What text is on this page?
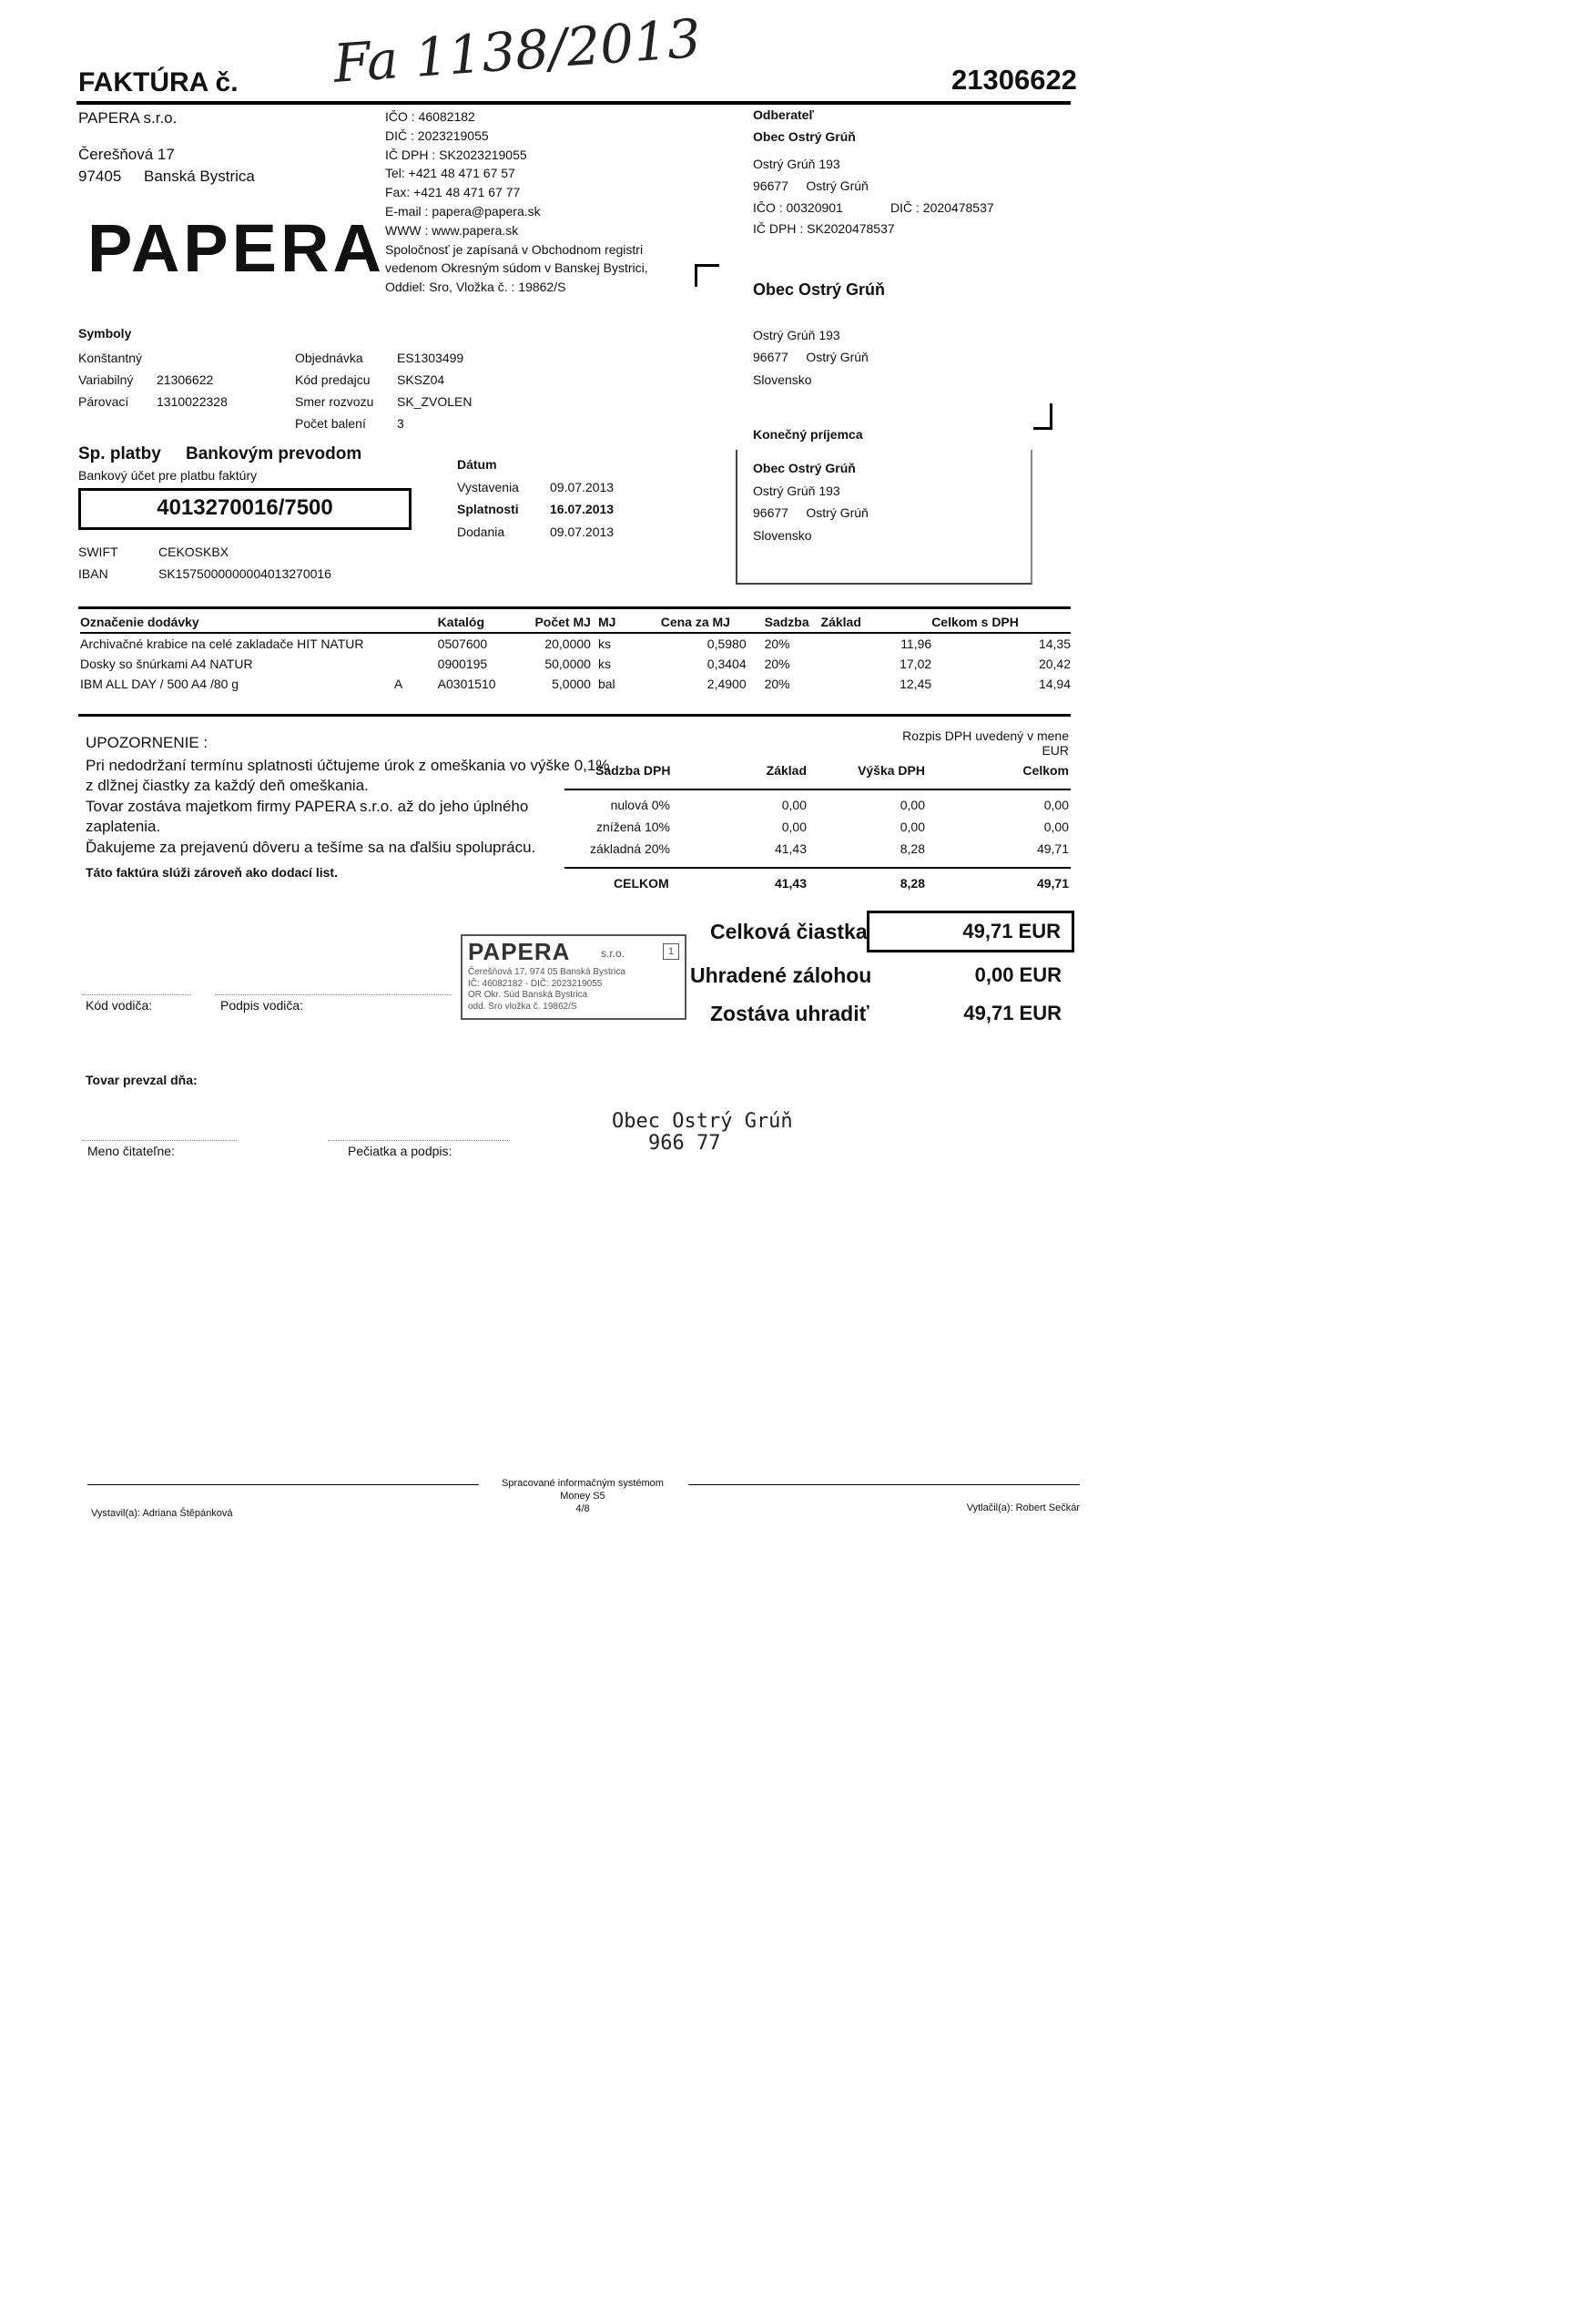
FAKTÚRA č. Fa 1138/2013	21306622
PAPERA s.r.o.
Čerešňová 17
97405 Banská Bystrica
PAPERA
IČO : 46082182
DIČ : 2023219055
IČ DPH : SK2023219055
Tel: +421 48 471 67 57
Fax: +421 48 471 67 77
E-mail : papera@papera.sk
WWW : www.papera.sk
Spoločnosť je zapísaná v Obchodnom registri
vedenom Okresným súdom v Banskej Bystrici,
Oddiel: Sro, Vložka č. : 19862/S
Odberateľ
Obec Ostrý Grúň
Ostrý Grúň 193
96677     Ostrý Grúň
IČO : 00320901	DIČ : 2020478537
IČ DPH : SK2020478537
Obec Ostrý Grúň
Ostrý Grúň 193
96677     Ostrý Grúň
Slovensko
Konečný príjemca
Obec Ostrý Grúň
Ostrý Grúň 193
96677     Ostrý Grúň
Slovensko
Symboly
Konštantný
Variabilný 21306622
Párovací 1310022328
Objednávka	ES1303499
Kód predajcu SKSZ04
Smer rozvozu SK_ZVOLEN
Počet balení 3
Sp. platby Bankovým prevodom
Bankový účet pre platbu faktúry
4013270016/7500
SWIFT	CEKOSKBX
IBAN	SK1575000000004013270016
Dátum
Vystavenia 09.07.2013
Splatnosti 16.07.2013
Dodania	09.07.2013
Označenie dodávky		Katalóg	Počet MJ	MJ	Cena za MJ	Sadzba	Základ	Celkom s DPH
Archivačné krabice na celé zakladače HIT NATUR		0507600	20,0000	ks	0,5980	20%	11,96	14,35
Dosky so šnúrkami A4 NATUR		0900195	50,0000	ks	0,3404	20%	17,02	20,42
IBM ALL DAY / 500 A4 /80 g	A	A0301510	5,0000	bal	2,4900	20%	12,45	14,94
UPOZORNENIE :
Pri nedodržaní termínu splatnosti účtujeme úrok z omeškania vo výške 0,1%
z dlžnej čiastky za každý deň omeškania.
Tovar zostáva majetkom firmy PAPERA s.r.o. až do jeho úplného
zaplatenia.
Ďakujeme za prejavenú dôveru a tešíme sa na ďalšiu spoluprácu.
Táto faktúra slúži zároveň ako dodací list.
Rozpis DPH uvedený v mene EUR
Sadzba DPH	Základ	Výška DPH	Celkom
nulová 0%	0,00	0,00	0,00
znížená 10%	0,00	0,00	0,00
základná 20%	41,43	8,28	49,71
CELKOM	41,43	8,28	49,71
Celková čiastka	49,71 EUR
Uhradené zálohou	0,00 EUR
Zostáva uhradiť	49,71 EUR
PAPERA	s.r.o.	1
Čerešňová 17, 974 05 Banská Bystrica
IČ: 46082182 - DIČ: 2023219055
OR Okr. Súd Banská Bystrica
odd. Sro vložka č. 19862/S
Kód vodiča:	Podpis vodiča:
Tovar prevzal dňa:
Meno čitateľne:	Pečiatka a podpis:
Obec Ostrý Grúň
966 77
Spracované informačným systémom
Money S5
4/8
Vystavil(a): Adriana Štěpánková	Vytlačil(a): Robert Sečkár
